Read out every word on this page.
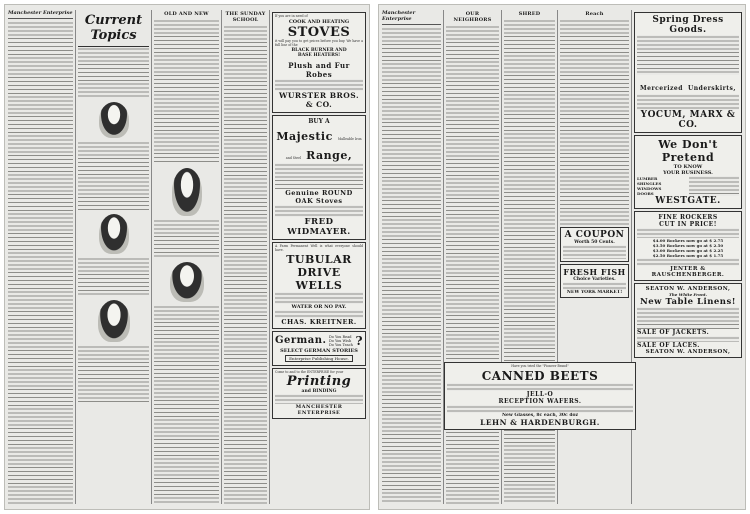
Manchester Enterprise Current Topics
OLD AND NEW	THE SUNDAY SCHOOL
If you are in need of
COOK AND HEATING
STOVES
it will pay you to get prices before you buy. We have a full line of the
BLACK BURNER AND
BASE HEATERS!
Plush and Fur Robes
WURSTER BROS. & CO.
BUY A
Majestic Malleable Iron and Steel Range,
Genuine ROUND OAK Stoves
FRED WIDMAYER.
A Farm Permanent Well is what everyone should have.
TUBULAR
DRIVE WELLS
WATER OR NO PAY.
CHAS. KREITNER.
German. Do You Read
Do You Wish
Do You Teach ?
SELECT GERMAN STORIES
Enterprise Publishing House.
Come to and to the ENTERPRISE for your
Printing
and BINDING
MANCHESTER ENTERPRISE
Manchester Enterprise
OUR NEIGHBORS
SHRED	Reach
A COUPON
Worth 50 Cents.
FRESH FISH
Choice Varieties.
NEW YORK MARKET!
Have you tried the "Pioneer Brand"
CANNED BEETS
JELL-O
RECEPTION WAFERS.
New Glasses, 8c each, 30c doz
LEHN & HARDENBURGH.
Spring Dress Goods.
Mercerized Underskirts,
YOCUM, MARX & CO.
We Don't Pretend
TO KNOW
YOUR BUSINESS.
LUMBER
SHINGLES
WINDOWS
DOORS
WESTGATE.
FINE ROCKERS
CUT IN PRICE!
$4.00 Rockers now go at $ 2.75
$3.50 Rockers now go at $ 2.50
$3.00 Rockers now go at $ 2.25
$2.50 Rockers now go at $ 1.75
JENTER & RAUSCHENBERGER.
SEATON W. ANDERSON,
The White Front.
New Table Linens!
SALE OF JACKETS.
SALE OF LACES.
SEATON W. ANDERSON,
